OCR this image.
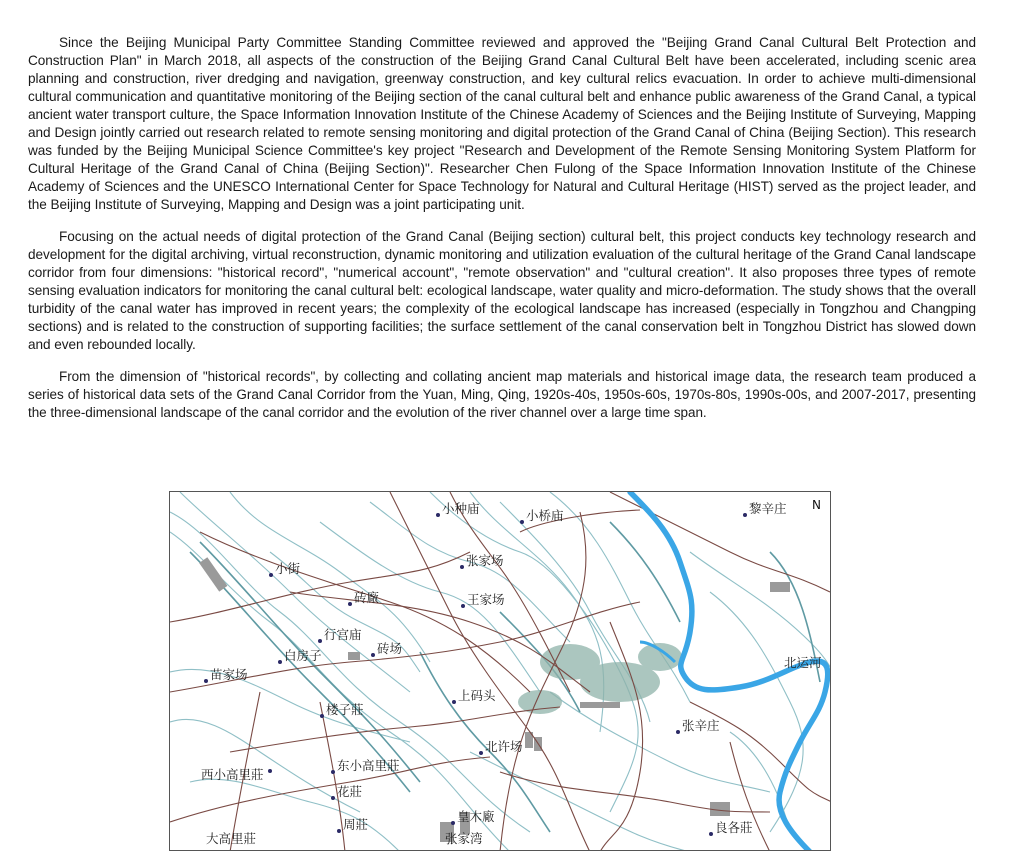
Since the Beijing Municipal Party Committee Standing Committee reviewed and approved the "Beijing Grand Canal Cultural Belt Protection and Construction Plan" in March 2018, all aspects of the construction of the Beijing Grand Canal Cultural Belt have been accelerated, including scenic area planning and construction, river dredging and navigation, greenway construction, and key cultural relics evacuation. In order to achieve multi-dimensional cultural communication and quantitative monitoring of the Beijing section of the canal cultural belt and enhance public awareness of the Grand Canal, a typical ancient water transport culture, the Space Information Innovation Institute of the Chinese Academy of Sciences and the Beijing Institute of Surveying, Mapping and Design jointly carried out research related to remote sensing monitoring and digital protection of the Grand Canal of China (Beijing Section). This research was funded by the Beijing Municipal Science Committee's key project "Research and Development of the Remote Sensing Monitoring System Platform for Cultural Heritage of the Grand Canal of China (Beijing Section)". Researcher Chen Fulong of the Space Information Innovation Institute of the Chinese Academy of Sciences and the UNESCO International Center for Space Technology for Natural and Cultural Heritage (HIST) served as the project leader, and the Beijing Institute of Surveying, Mapping and Design was a joint participating unit.

Focusing on the actual needs of digital protection of the Grand Canal (Beijing section) cultural belt, this project conducts key technology research and development for the digital archiving, virtual reconstruction, dynamic monitoring and utilization evaluation of the cultural heritage of the Grand Canal landscape corridor from four dimensions: "historical record", "numerical account", "remote observation" and "cultural creation". It also proposes three types of remote sensing evaluation indicators for monitoring the canal cultural belt: ecological landscape, water quality and micro-deformation. The study shows that the overall turbidity of the canal water has improved in recent years; the complexity of the ecological landscape has increased (especially in Tongzhou and Changping sections) and is related to the construction of supporting facilities; the surface settlement of the canal conservation belt in Tongzhou District has slowed down and even rebounded locally.

From the dimension of "historical records", by collecting and collating ancient map materials and historical image data, the research team produced a series of historical data sets of the Grand Canal Corridor from the Yuan, Ming, Qing, 1920s-40s, 1950s-60s, 1970s-80s, 1990s-00s, and 2007-2017, presenting the three-dimensional landscape of the canal corridor and the evolution of the river channel over a large time span.

N
小种庙	小桥庙	黎辛庄
小街
张家场
砖廠	王家场
行宫庙
砖场
白房子
苗家场
北运河
上码头
楼子莊
张辛庄
北许场
西小高里莊
东小高里莊
花莊
皇木廠
周莊	良各莊
张家湾
大高里莊
